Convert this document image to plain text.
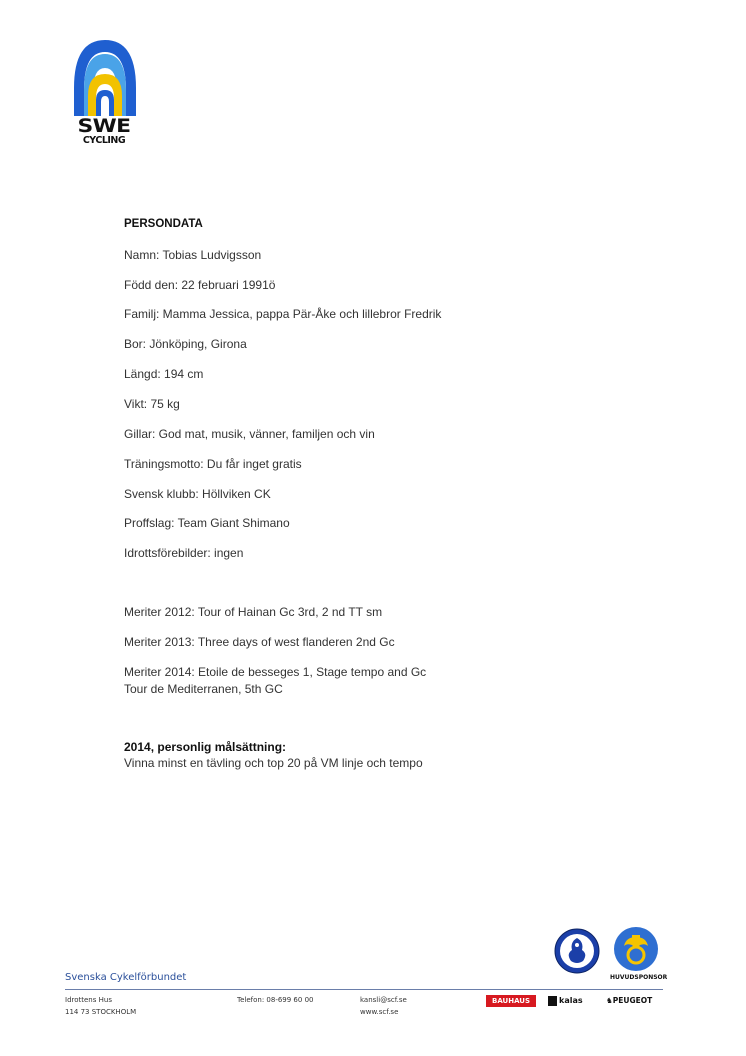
SWE
CYCLING
PERSONDATA
Namn: Tobias Ludvigsson
Född den: 22 februari 1991ö
Familj: Mamma Jessica, pappa Pär-Åke och lillebror Fredrik
Bor: Jönköping, Girona
Längd: 194 cm
Vikt: 75 kg
Gillar: God mat, musik, vänner, familjen och vin
Träningsmotto: Du får inget gratis
Svensk klubb: Höllviken CK
Proffslag: Team Giant Shimano
Idrottsförebilder: ingen
Meriter 2012: Tour of Hainan Gc 3rd, 2 nd TT sm
Meriter 2013: Three days of west flanderen 2nd Gc
Meriter 2014: Etoile de besseges 1, Stage tempo and Gc
Tour de Mediterranen, 5th GC
2014, personlig målsättning:
Vinna minst en tävling och top 20 på VM linje och tempo
HUVUDSPONSOR
Svenska Cykelförbundet
Idrottens Hus
114 73 STOCKHOLM
Telefon: 08-699 60 00	kansli@scf.se
www.scf.se
BAUHAUS	kalas	♞PEUGEOT
